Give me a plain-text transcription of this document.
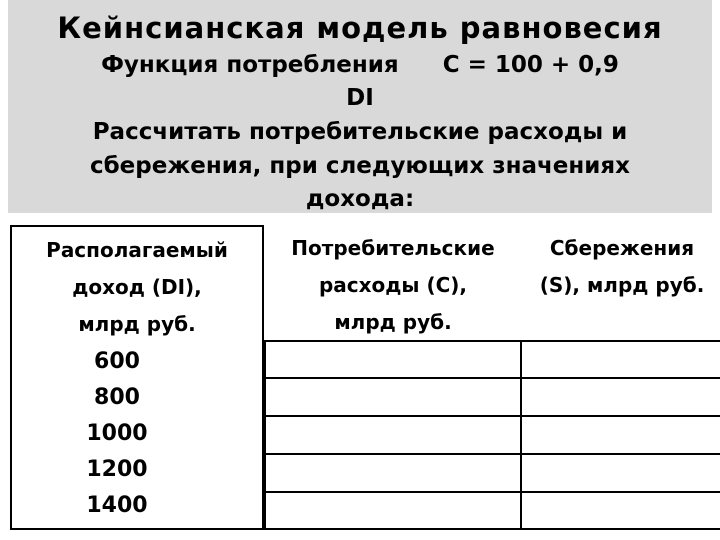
Кейнсианская модель равновесия
Функция потребления C = 100 + 0,9
DI
Рассчитать потребительские расходы и
сбережения, при следующих значениях
дохода:
Располагаемый
доход (DI),
млрд руб.
Потребительские
расходы (C),
млрд руб.
Сбережения
(S), млрд руб.
600
800
1000
1200
1400
